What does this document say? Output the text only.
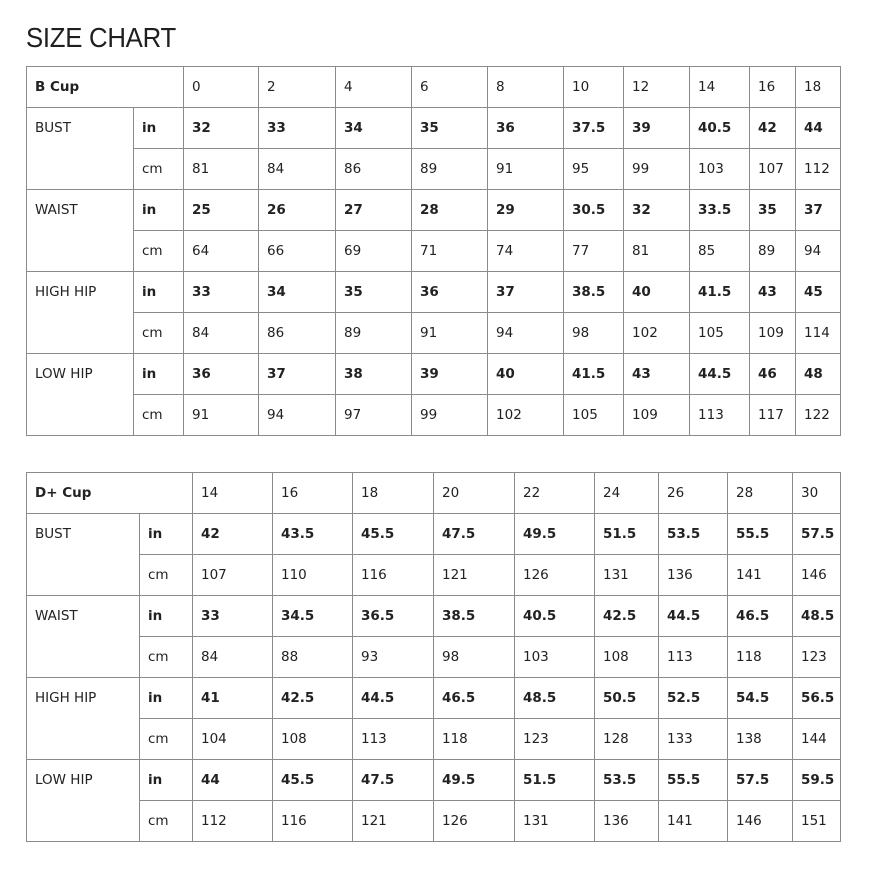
SIZE CHART
B Cup		0	2	4	6	8	10	12	14	16	18
BUST	in	32	33	34	35	36	37.5	39	40.5	42	44
	cm	81	84	86	89	91	95	99	103	107	112
WAIST	in	25	26	27	28	29	30.5	32	33.5	35	37
	cm	64	66	69	71	74	77	81	85	89	94
HIGH HIP	in	33	34	35	36	37	38.5	40	41.5	43	45
	cm	84	86	89	91	94	98	102	105	109	114
LOW HIP	in	36	37	38	39	40	41.5	43	44.5	46	48
	cm	91	94	97	99	102	105	109	113	117	122
D+ Cup		14	16	18	20	22	24	26	28	30
BUST	in	42	43.5	45.5	47.5	49.5	51.5	53.5	55.5	57.5
	cm	107	110	116	121	126	131	136	141	146
WAIST	in	33	34.5	36.5	38.5	40.5	42.5	44.5	46.5	48.5
	cm	84	88	93	98	103	108	113	118	123
HIGH HIP	in	41	42.5	44.5	46.5	48.5	50.5	52.5	54.5	56.5
	cm	104	108	113	118	123	128	133	138	144
LOW HIP	in	44	45.5	47.5	49.5	51.5	53.5	55.5	57.5	59.5
	cm	112	116	121	126	131	136	141	146	151
